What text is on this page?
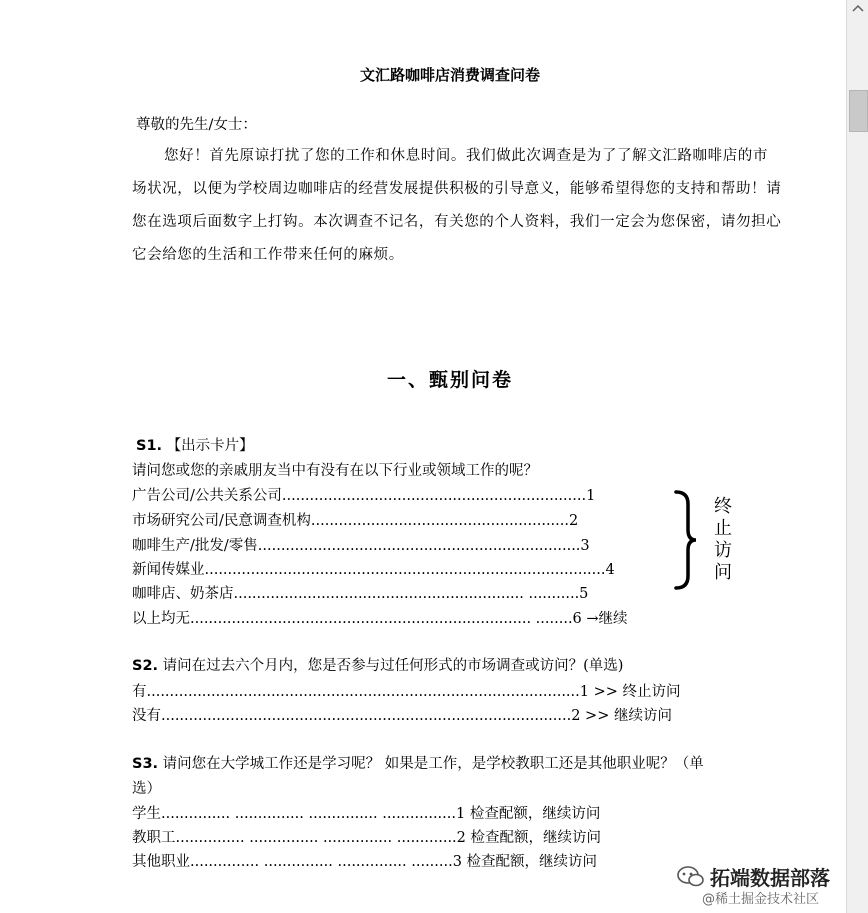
文汇路咖啡店消费调查问卷
尊敬的先生/女士：
您好！首先原谅打扰了您的工作和休息时间。我们做此次调查是为了了解文汇路咖啡店的市场状况，以便为学校周边咖啡店的经营发展提供积极的引导意义，能够希望得您的支持和帮助！请您在选项后面数字上打钩。本次调查不记名，有关您的个人资料，我们一定会为您保密，请勿担心它会给您的生活和工作带来任何的麻烦。
一、甄别问卷
S1. 【出示卡片】
请问您或您的亲戚朋友当中有没有在以下行业或领域工作的呢？
广告公司/公共关系公司..................................................................1
市场研究公司/民意调查机构........................................................2
咖啡生产/批发/零售......................................................................3
新闻传媒业.......................................................................................4
咖啡店、奶茶店............................................................... ...........5
以上均无.......................................................................... ........6 →继续
终止访问
S2. 请问在过去六个月内，您是否参与过任何形式的市场调查或访问？(单选)
有..............................................................................................1 >> 终止访问
没有.........................................................................................2 >> 继续访问
S3. 请问您在大学城工作还是学习呢？ 如果是工作，是学校教职工还是其他职业呢？（单
选）
学生............... ............... ............... ................1 检查配额，继续访问
教职工............... ............... ............... .............2 检查配额，继续访问
其他职业............... ............... ............... .........3 检查配额，继续访问
拓端数据部落
@稀土掘金技术社区
